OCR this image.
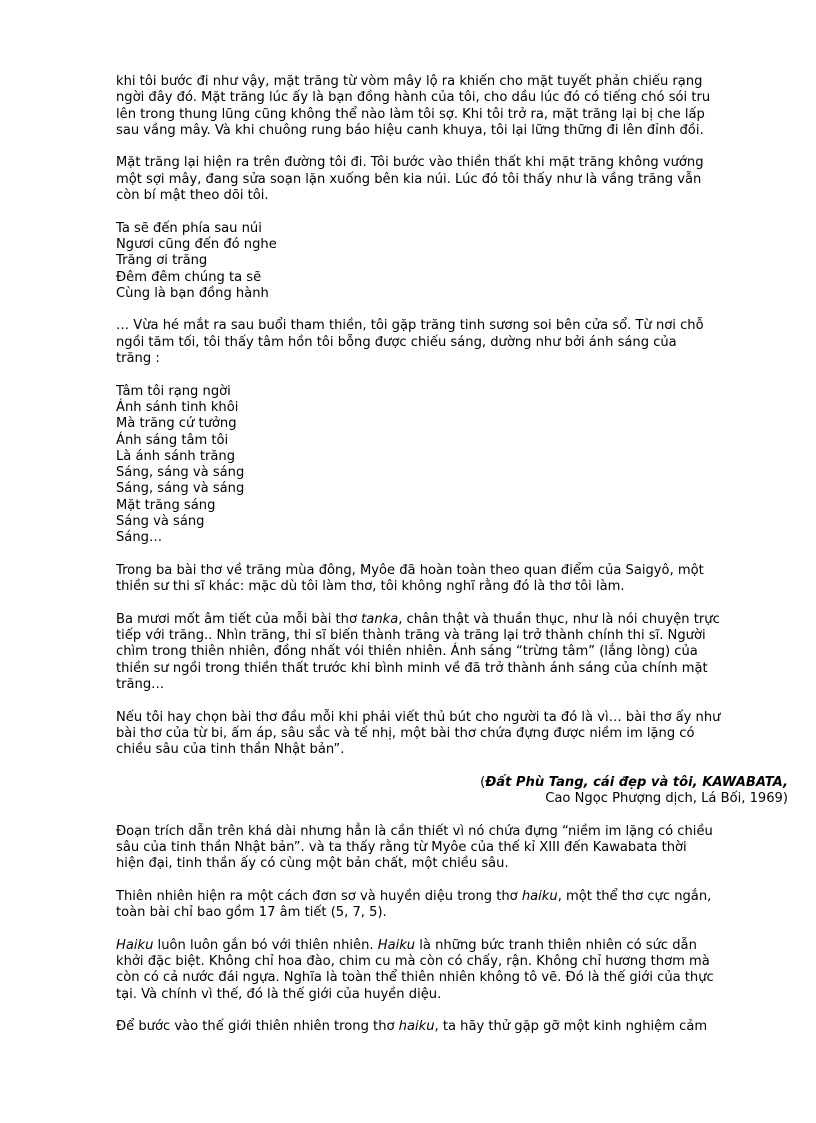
khi tôi bước đi như vậy, mặt trăng từ vòm mây lộ ra khiến cho mặt tuyết phản chiếu rạng
ngời đây đó. Mặt trăng lúc ấy là bạn đồng hành của tôi, cho dầu lúc đó có tiếng chó sói tru
lên trong thung lũng cũng không thể nào làm tôi sợ. Khi tôi trở ra, mặt trăng lại bị che lấp
sau vầng mây. Và khi chuông rung báo hiệu canh khuya, tôi lại lững thững đi lên đỉnh đồi.

Mặt trăng lại hiện ra trên đường tôi đi. Tôi bước vào thiền thất khi mặt trăng không vướng
một sợi mây, đang sửa soạn lặn xuống bên kia núi. Lúc đó tôi thấy như là vầng trăng vẫn
còn bí mật theo dõi tôi.

Ta sẽ đến phía sau núi
Ngươi cũng đến đó nghe
Trăng ơi trăng
Đêm đêm chúng ta sẽ
Cùng là bạn đồng hành

… Vừa hé mắt ra sau buổi tham thiền, tôi gặp trăng tinh sương soi bên cửa sổ. Từ nơi chỗ
ngồi tăm tối, tôi thấy tâm hồn tôi bỗng được chiếu sáng, dường như bởi ánh sáng của
trăng :

Tâm tôi rạng ngời
Ánh sánh tinh khôi
Mà trăng cứ tưởng
Ánh sáng tâm tôi
Là ánh sánh trăng
Sáng, sáng và sáng
Sáng, sáng và sáng
Mặt trăng sáng
Sáng và sáng
Sáng…

Trong ba bài thơ về trăng mùa đông, Myôe đã hoàn toàn theo quan điểm của Saigyô, một
thiền sư thi sĩ khác: mặc dù tôi làm thơ, tôi không nghĩ rằng đó là thơ tôi làm.

Ba mươi mốt âm tiết của mỗi bài thơ tanka, chân thật và thuần thục, như là nói chuyện trực
tiếp với trăng.. Nhìn trăng, thi sĩ biến thành trăng và trăng lại trở thành chính thi sĩ. Người
chìm trong thiên nhiên, đồng nhất vói thiên nhiên. Ánh sáng “trừng tâm” (lắng lòng) của
thiền sư ngồi trong thiền thất trước khi bình minh về đã trở thành ánh sáng của chính mặt
trăng…

Nếu tôi hay chọn bài thơ đầu mỗi khi phải viết thủ bút cho người ta đó là vì… bài thơ ấy như
bài thơ của từ bi, ấm áp, sâu sắc và tế nhị, một bài thơ chứa đựng được niềm im lặng có
chiều sâu của tinh thần Nhật bản”.

(Đất Phù Tang, cái đẹp và tôi, KAWABATA,
Cao Ngọc Phượng dịch, Lá Bối, 1969)

Đoạn trích dẫn trên khá dài nhưng hẳn là cần thiết vì nó chứa đựng “niềm im lặng có chiều
sâu của tinh thần Nhật bản”. và ta thấy rằng từ Myôe của thế kỉ XIII đến Kawabata thời
hiện đại, tinh thần ấy có cùng một bản chất, một chiều sâu.

Thiên nhiên hiện ra một cách đơn sơ và huyền diệu trong thơ haiku, một thể thơ cực ngắn,
toàn bài chỉ bao gồm 17 âm tiết (5, 7, 5).

Haiku luôn luôn gắn bó với thiên nhiên. Haiku là những bức tranh thiên nhiên có sức dẫn
khởi đặc biệt. Không chỉ hoa đào, chim cu mà còn có chấy, rận. Không chỉ hương thơm mà
còn có cả nước đái ngựa. Nghĩa là toàn thể thiên nhiên không tô vẽ. Đó là thế giới của thực
tại. Và chính vì thế, đó là thế giới của huyền diệu.

Để bước vào thế giới thiên nhiên trong thơ haiku, ta hãy thử gặp gỡ một kinh nghiệm cảm
